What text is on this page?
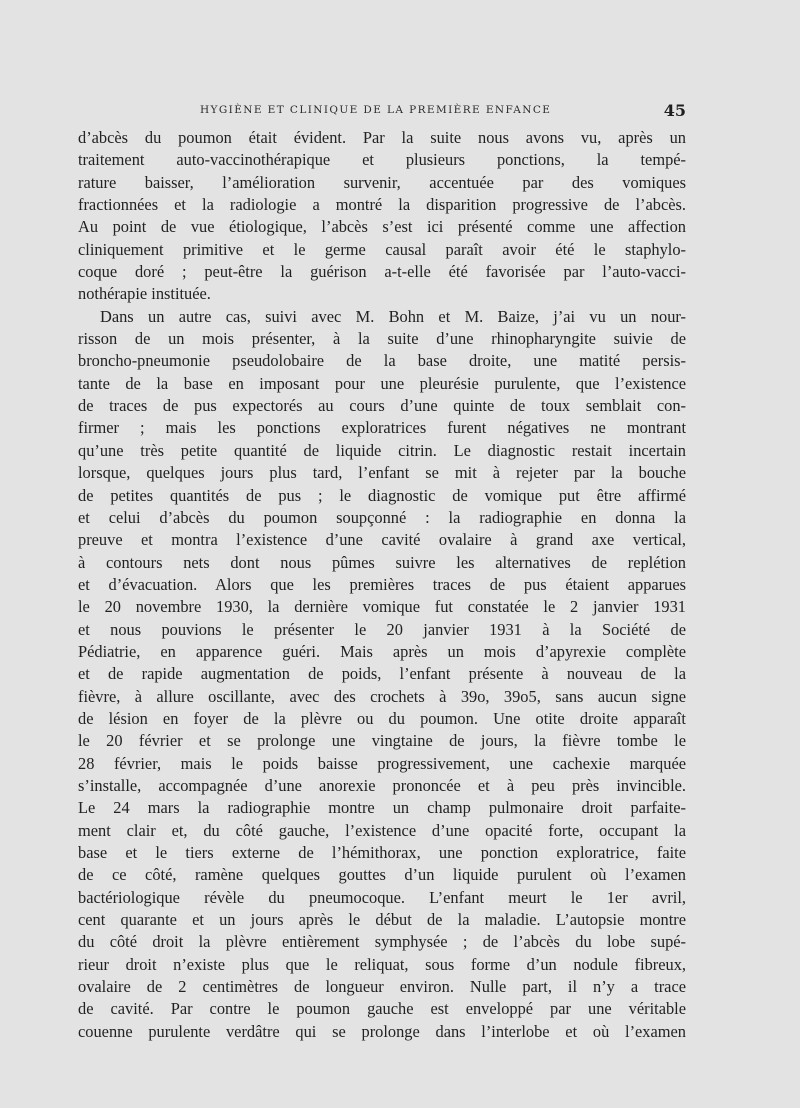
HYGIÈNE ET CLINIQUE DE LA PREMIÈRE ENFANCE	45
d’abcès du poumon était évident. Par la suite nous avons vu, après un
traitement auto-vaccinothérapique et plusieurs ponctions, la tempé-
rature baisser, l’amélioration survenir, accentuée par des vomiques
fractionnées et la radiologie a montré la disparition progressive de l’abcès.
Au point de vue étiologique, l’abcès s’est ici présenté comme une affection
cliniquement primitive et le germe causal paraît avoir été le staphylo-
coque doré ; peut-être la guérison a-t-elle été favorisée par l’auto-vacci-
nothérapie instituée.
Dans un autre cas, suivi avec M. Bohn et M. Baize, j’ai vu un nour-
risson de un mois présenter, à la suite d’une rhinopharyngite suivie de
broncho-pneumonie pseudolobaire de la base droite, une matité persis-
tante de la base en imposant pour une pleurésie purulente, que l’existence
de traces de pus expectorés au cours d’une quinte de toux semblait con-
firmer ; mais les ponctions exploratrices furent négatives ne montrant
qu’une très petite quantité de liquide citrin. Le diagnostic restait incertain
lorsque, quelques jours plus tard, l’enfant se mit à rejeter par la bouche
de petites quantités de pus ; le diagnostic de vomique put être affirmé
et celui d’abcès du poumon soupçonné : la radiographie en donna la
preuve et montra l’existence d’une cavité ovalaire à grand axe vertical,
à contours nets dont nous pûmes suivre les alternatives de replétion
et d’évacuation. Alors que les premières traces de pus étaient apparues
le 20 novembre 1930, la dernière vomique fut constatée le 2 janvier 1931
et nous pouvions le présenter le 20 janvier 1931 à la Société de
Pédiatrie, en apparence guéri. Mais après un mois d’apyrexie complète
et de rapide augmentation de poids, l’enfant présente à nouveau de la
fièvre, à allure oscillante, avec des crochets à 39o, 39o5, sans aucun signe
de lésion en foyer de la plèvre ou du poumon. Une otite droite apparaît
le 20 février et se prolonge une vingtaine de jours, la fièvre tombe le
28 février, mais le poids baisse progressivement, une cachexie marquée
s’installe, accompagnée d’une anorexie prononcée et à peu près invincible.
Le 24 mars la radiographie montre un champ pulmonaire droit parfaite-
ment clair et, du côté gauche, l’existence d’une opacité forte, occupant la
base et le tiers externe de l’hémithorax, une ponction exploratrice, faite
de ce côté, ramène quelques gouttes d’un liquide purulent où l’examen
bactériologique révèle du pneumocoque. L’enfant meurt le 1er avril,
cent quarante et un jours après le début de la maladie. L’autopsie montre
du côté droit la plèvre entièrement symphysée ; de l’abcès du lobe supé-
rieur droit n’existe plus que le reliquat, sous forme d’un nodule fibreux,
ovalaire de 2 centimètres de longueur environ. Nulle part, il n’y a trace
de cavité. Par contre le poumon gauche est enveloppé par une véritable
couenne purulente verdâtre qui se prolonge dans l’interlobe et où l’examen
